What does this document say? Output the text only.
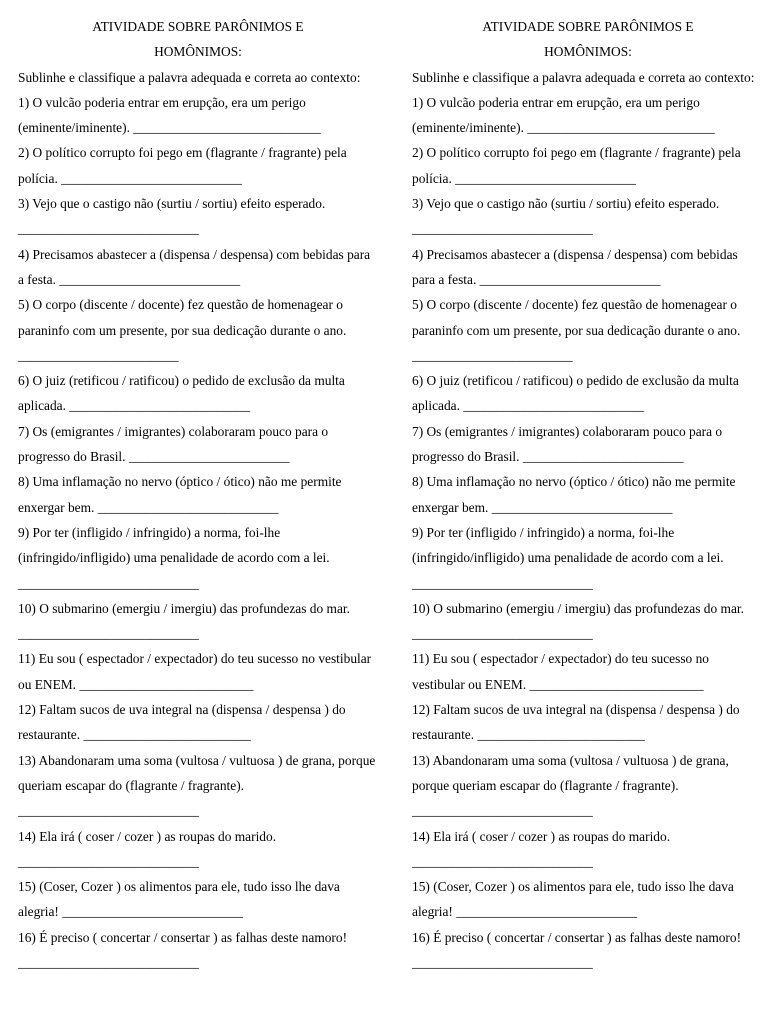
ATIVIDADE SOBRE PARÔNIMOS E
HOMÔNIMOS:

Sublinhe e classifique a palavra adequada e correta ao contexto:

1) O vulcão poderia entrar em erupção, era um perigo (eminente/iminente). ____________________________

2) O político corrupto foi pego em (flagrante / fragrante) pela polícia. ___________________________

3) Vejo que o castigo não (surtiu / sortiu) efeito esperado. ___________________________

4) Precisamos abastecer a (dispensa / despensa) com bebidas para a festa. ___________________________

5) O corpo (discente / docente) fez questão de homenagear o paraninfo com um presente, por sua dedicação durante o ano. ________________________

6) O juiz (retificou / ratificou) o pedido de exclusão da multa aplicada. ___________________________

7) Os (emigrantes / imigrantes) colaboraram pouco para o progresso do Brasil. ________________________

8) Uma inflamação no nervo (óptico / ótico) não me permite enxergar bem. ___________________________

9) Por ter (infligido / infringido) a norma, foi-lhe (infringido/infligido) uma penalidade de acordo com a lei. ___________________________

10) O submarino (emergiu / imergiu) das profundezas do mar. ___________________________

11) Eu sou ( espectador / expectador) do teu sucesso no vestibular ou ENEM. __________________________

12) Faltam sucos de uva integral na (dispensa / despensa ) do restaurante. _________________________

13) Abandonaram uma soma (vultosa / vultuosa ) de grana, porque queriam escapar do (flagrante / fragrante). ___________________________

14) Ela irá ( coser / cozer ) as roupas do marido. ___________________________

15) (Coser, Cozer ) os alimentos para ele, tudo isso lhe dava alegria! ___________________________

16) É preciso ( concertar / consertar ) as falhas deste namoro! ___________________________

ATIVIDADE SOBRE PARÔNIMOS E
HOMÔNIMOS:

Sublinhe e classifique a palavra adequada e correta ao contexto:

1) O vulcão poderia entrar em erupção, era um perigo (eminente/iminente). ____________________________

2) O político corrupto foi pego em (flagrante / fragrante) pela polícia. ___________________________

3) Vejo que o castigo não (surtiu / sortiu) efeito esperado. ___________________________

4) Precisamos abastecer a (dispensa / despensa) com bebidas para a festa. ___________________________

5) O corpo (discente / docente) fez questão de homenagear o paraninfo com um presente, por sua dedicação durante o ano. ________________________

6) O juiz (retificou / ratificou) o pedido de exclusão da multa aplicada. ___________________________

7) Os (emigrantes / imigrantes) colaboraram pouco para o progresso do Brasil. ________________________

8) Uma inflamação no nervo (óptico / ótico) não me permite enxergar bem. ___________________________

9) Por ter (infligido / infringido) a norma, foi-lhe (infringido/infligido) uma penalidade de acordo com a lei. ___________________________

10) O submarino (emergiu / imergiu) das profundezas do mar. ___________________________

11) Eu sou ( espectador / expectador) do teu sucesso no vestibular ou ENEM. __________________________

12) Faltam sucos de uva integral na (dispensa / despensa ) do restaurante. _________________________

13) Abandonaram uma soma (vultosa / vultuosa ) de grana, porque queriam escapar do (flagrante / fragrante). ___________________________

14) Ela irá ( coser / cozer ) as roupas do marido. ___________________________

15) (Coser, Cozer ) os alimentos para ele, tudo isso lhe dava alegria! ___________________________

16) É preciso ( concertar / consertar ) as falhas deste namoro! ___________________________
